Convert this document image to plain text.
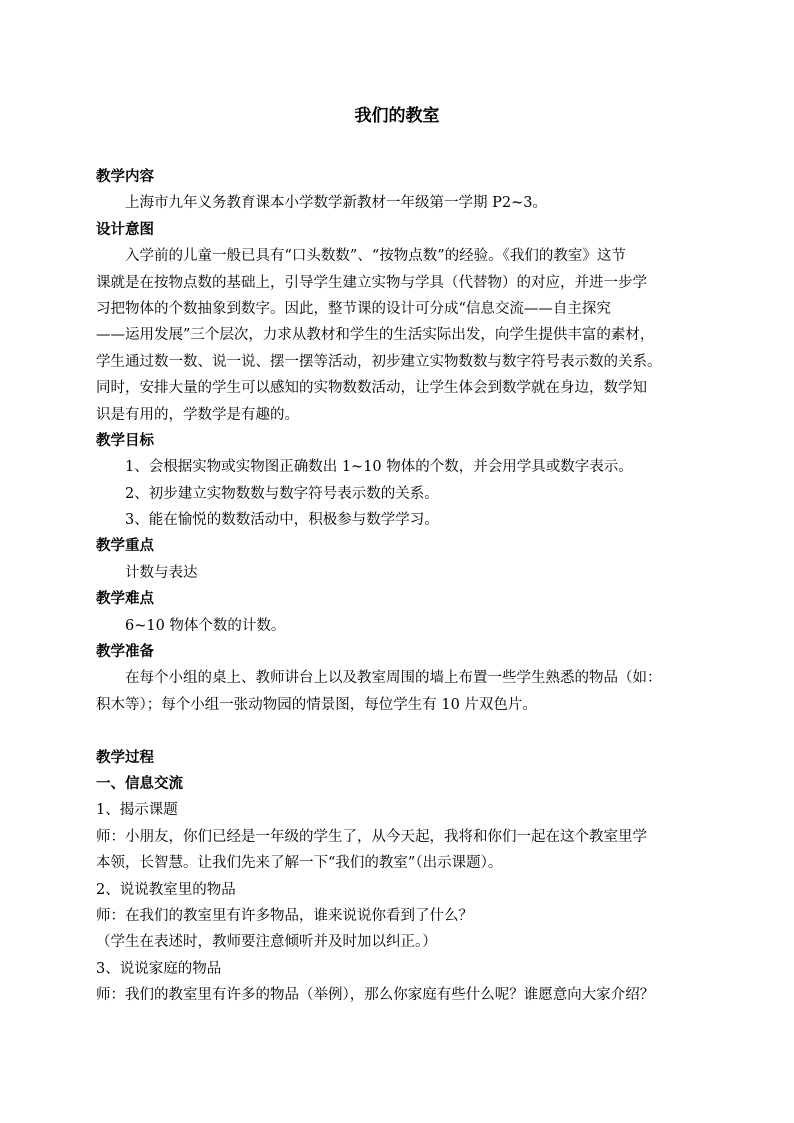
我们的教室
教学内容
上海市九年义务教育课本小学数学新教材一年级第一学期 P2~3。
设计意图
入学前的儿童一般已具有“口头数数”、“按物点数”的经验。《我们的教室》这节
课就是在按物点数的基础上，引导学生建立实物与学具（代替物）的对应，并进一步学
习把物体的个数抽象到数字。因此，整节课的设计可分成“信息交流——自主探究
——运用发展”三个层次，力求从教材和学生的生活实际出发，向学生提供丰富的素材，
学生通过数一数、说一说、摆一摆等活动，初步建立实物数数与数字符号表示数的关系。
同时，安排大量的学生可以感知的实物数数活动，让学生体会到数学就在身边，数学知
识是有用的，学数学是有趣的。
教学目标
1、会根据实物或实物图正确数出 1~10 物体的个数，并会用学具或数字表示。
2、初步建立实物数数与数字符号表示数的关系。
3、能在愉悦的数数活动中，积极参与数学学习。
教学重点
计数与表达
教学难点
6~10 物体个数的计数。
教学准备
在每个小组的桌上、教师讲台上以及教室周围的墙上布置一些学生熟悉的物品（如：
积木等）；每个小组一张动物园的情景图，每位学生有 10 片双色片。
教学过程
一、信息交流
1、揭示课题
师：小朋友，你们已经是一年级的学生了，从今天起，我将和你们一起在这个教室里学
本领，长智慧。让我们先来了解一下“我们的教室”（出示课题）。
2、说说教室里的物品
师：在我们的教室里有许多物品，谁来说说你看到了什么？
（学生在表述时，教师要注意倾听并及时加以纠正。）
3、说说家庭的物品
师：我们的教室里有许多的物品（举例），那么你家庭有些什么呢？谁愿意向大家介绍？
